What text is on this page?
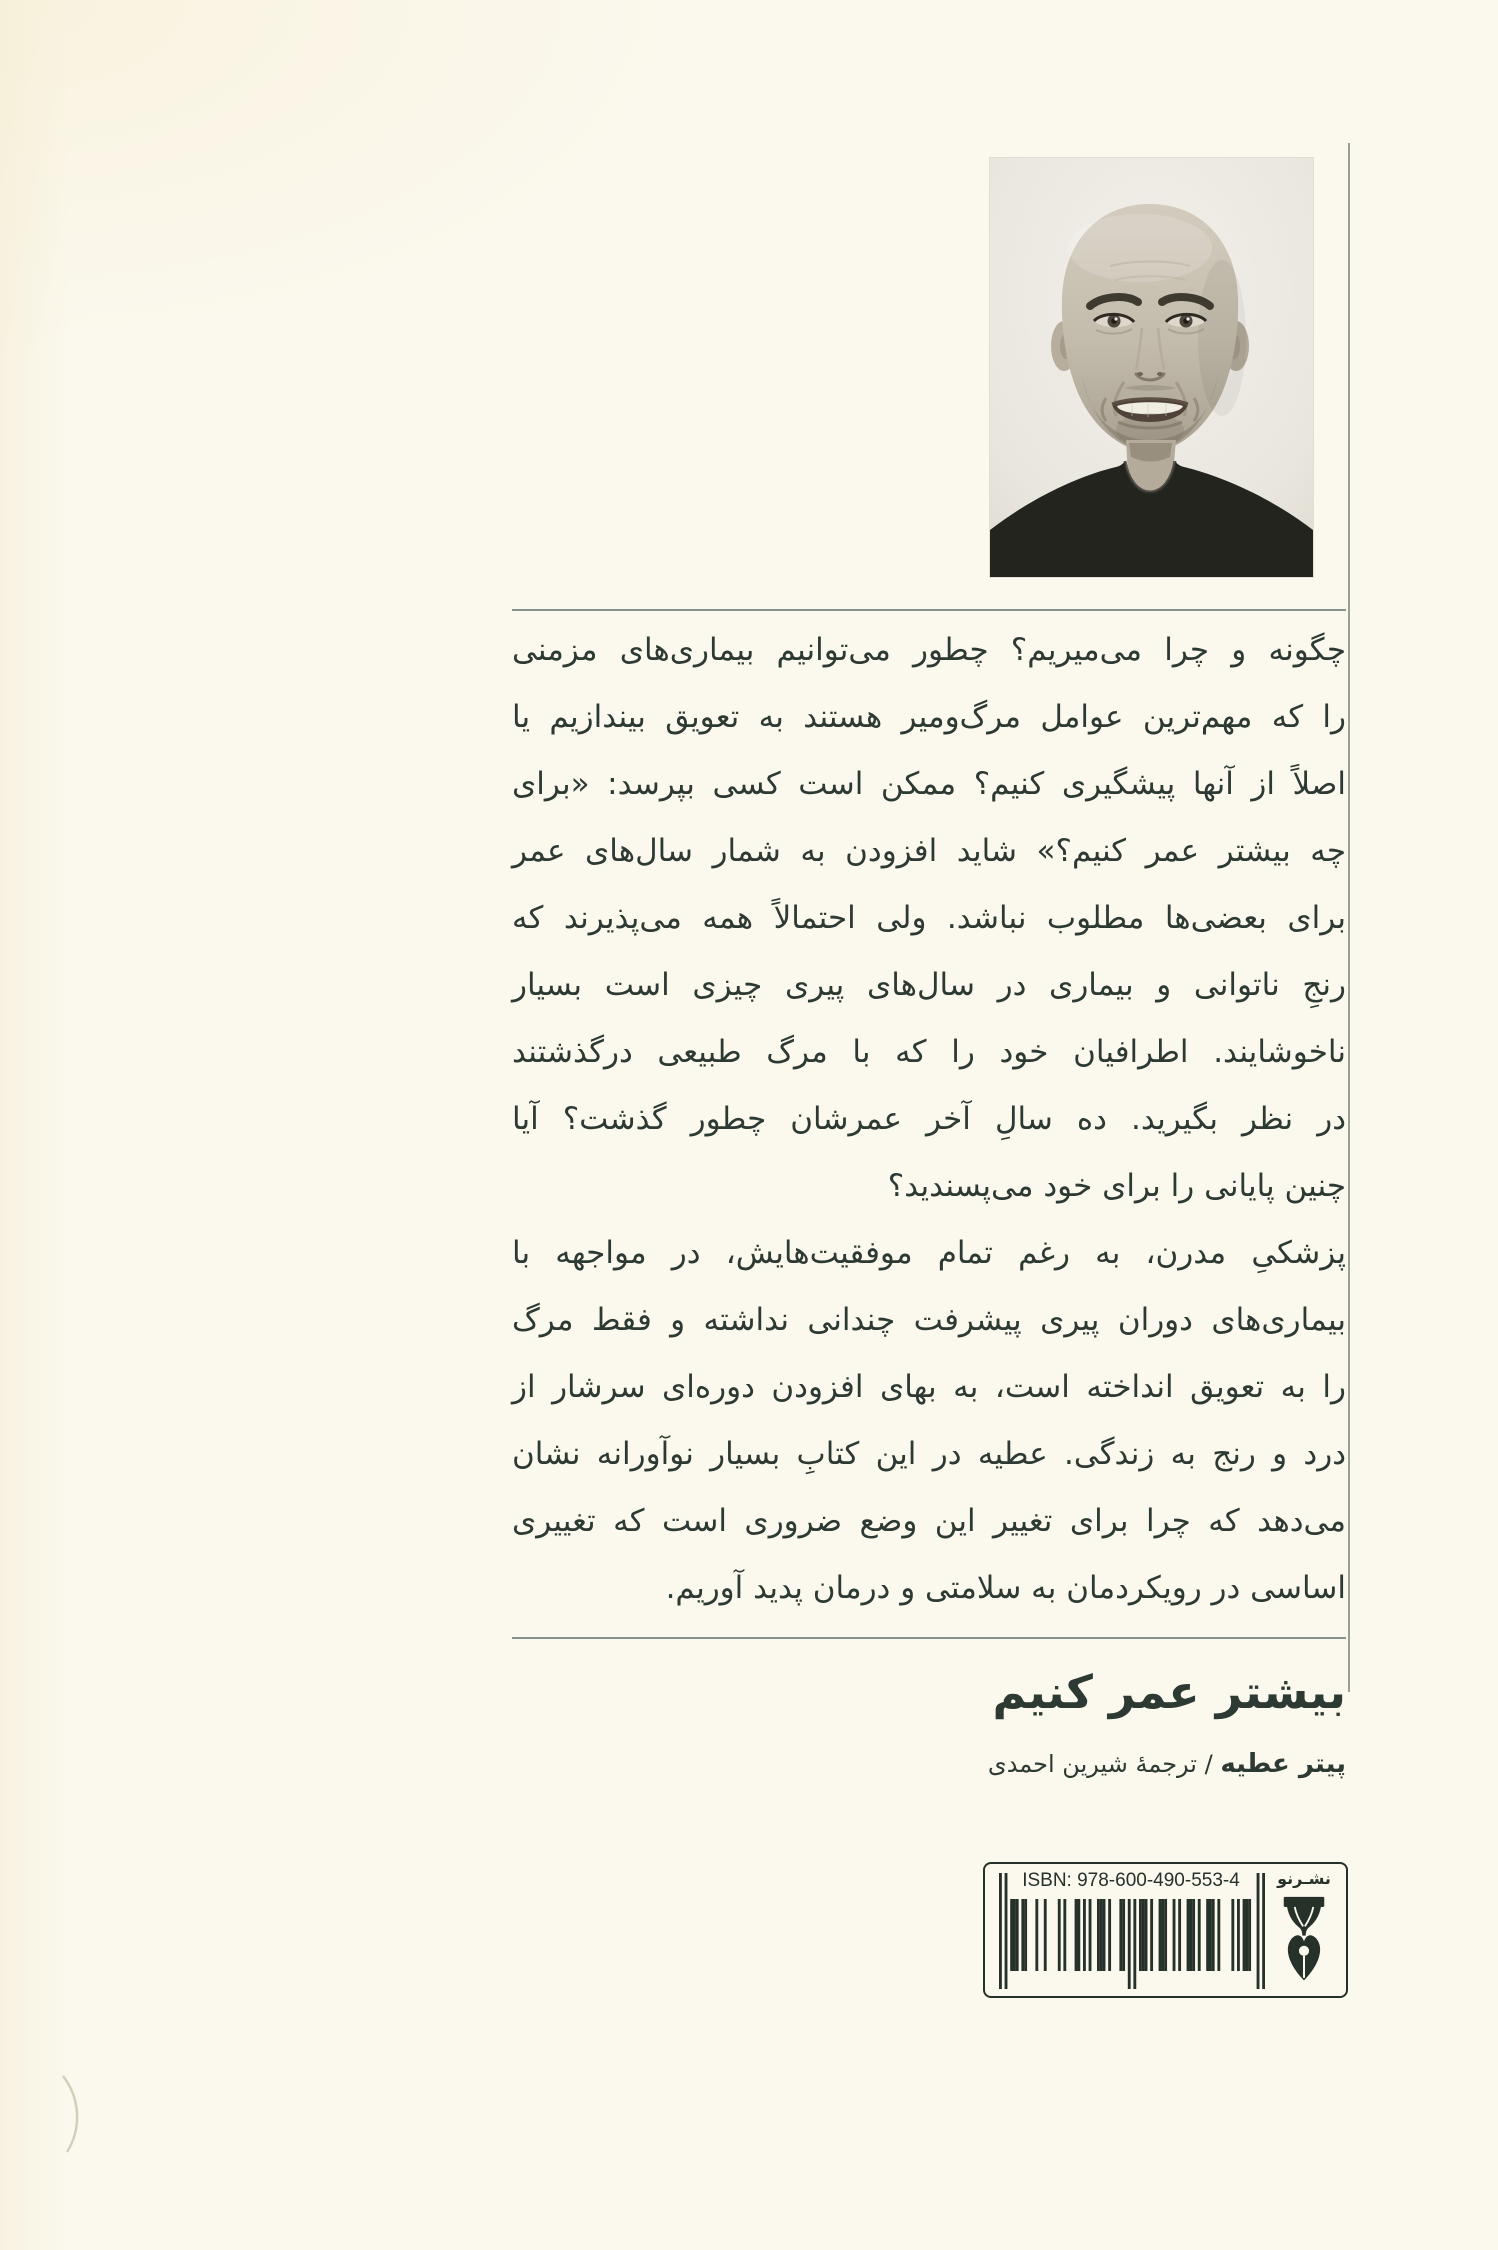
چگونه و چرا می‌میریم؟ چطور می‌توانیم بیماری‌های مزمنی
را که مهم‌ترین عوامل مرگ‌ومیر هستند به تعویق بیندازیم یا
اصلاً از آنها پیشگیری کنیم؟ ممکن است کسی بپرسد: «برای
چه بیشتر عمر کنیم؟» شاید افزودن به شمار سال‌های عمر
برای بعضی‌ها مطلوب نباشد. ولی احتمالاً همه می‌پذیرند که
رنجِ ناتوانی و بیماری در سال‌های پیری چیزی است بسیار
ناخوشایند. اطرافیان خود را که با مرگ طبیعی درگذشتند
در نظر بگیرید. ده سالِ آخر عمرشان چطور گذشت؟ آیا
چنین پایانی را برای خود می‌پسندید؟
پزشکیِ مدرن، به رغم تمام موفقیت‌هایش، در مواجهه با
بیماری‌های دوران پیری پیشرفت چندانی نداشته و فقط مرگ
را به تعویق انداخته است، به بهای افزودن دوره‌ای سرشار از
درد و رنج به زندگی. عطیه در این کتابِ بسیار نوآورانه نشان
می‌دهد که چرا برای تغییر این وضع ضروری است که تغییری
اساسی در رویکردمان به سلامتی و درمان پدید آوریم.
بیشتر عمر کنیم
پیتر عطیه / ترجمهٔ شیرین احمدی
ISBN: 978-600-490-553-4	نشـرنو
